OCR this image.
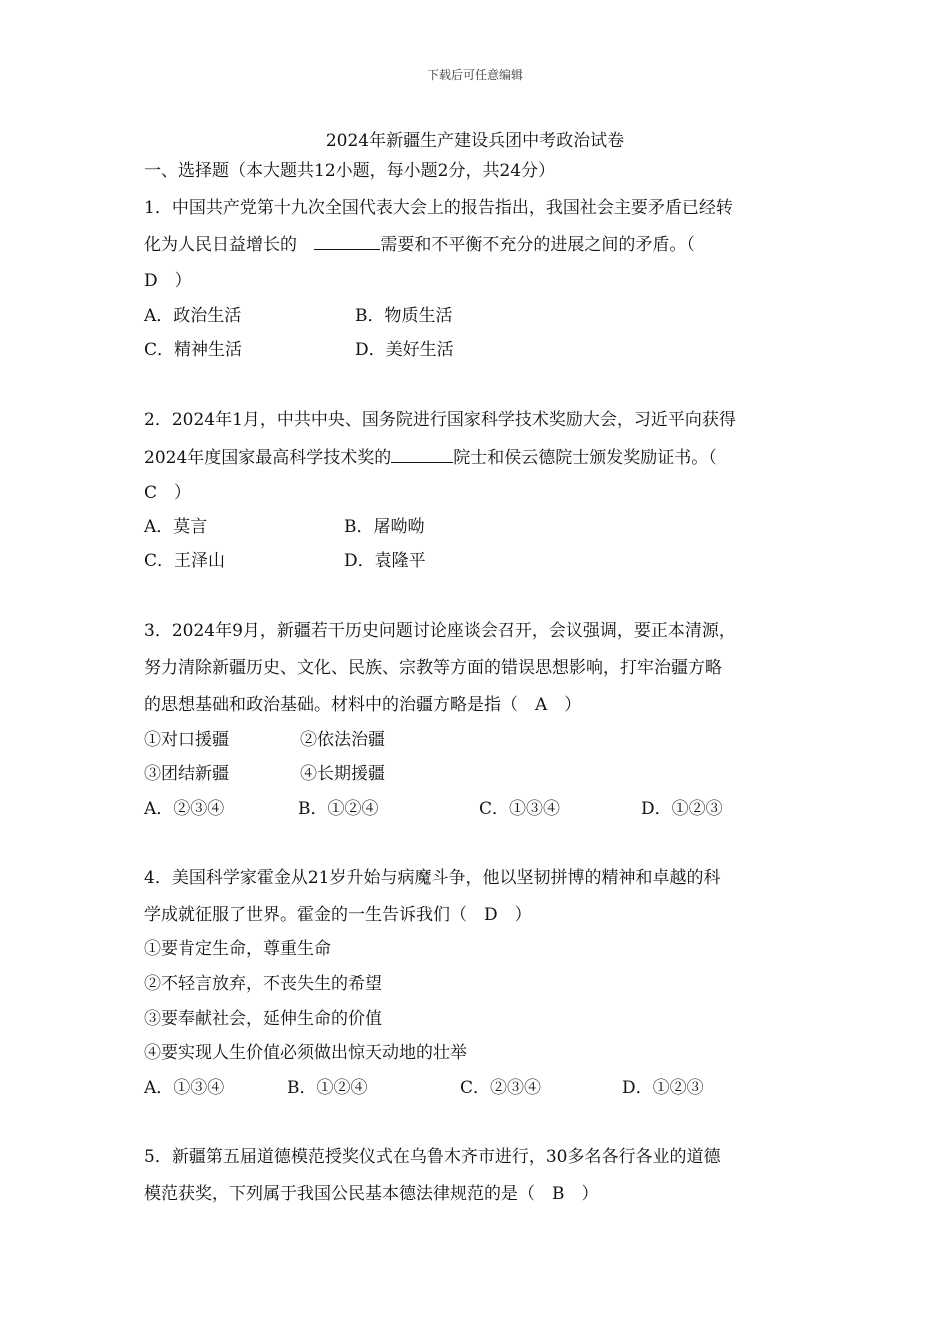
下载后可任意编辑
2024年新疆生产建设兵团中考政治试卷
一、选择题（本大题共12小题，每小题2分，共24分）
1．中国共产党第十九次全国代表大会上的报告指出，我国社会主要矛盾已经转
化为人民日益增长的	需要和不平衡不充分的进展之间的矛盾。（
D　）
A．政治生活	B．物质生活
C．精神生活	D．美好生活
2．2024年1月，中共中央、国务院进行国家科学技术奖励大会，习近平向获得
2024年度国家最高科学技术奖的	院士和侯云德院士颁发奖励证书。（
C　）
A．莫言	B．屠呦呦
C．王泽山	D．袁隆平
3．2024年9月，新疆若干历史问题讨论座谈会召开，会议强调，要正本清源，
努力清除新疆历史、文化、民族、宗教等方面的错误思想影响，打牢治疆方略
的思想基础和政治基础。材料中的治疆方略是指（　A　）
①对口援疆	②依法治疆
③团结新疆	④长期援疆
A．②③④	B．①②④	C．①③④	D．①②③
4．美国科学家霍金从21岁升始与病魔斗争，他以坚韧拼博的精神和卓越的科
学成就征服了世界。霍金的一生告诉我们（　D　）
①要肯定生命，尊重生命
②不轻言放弃，不丧失生的希望
③要奉献社会，延伸生命的价值
④要实现人生价值必须做出惊天动地的壮举
A．①③④	B．①②④	C．②③④	D．①②③
5．新疆第五届道德模范授奖仪式在乌鲁木齐市进行，30多名各行各业的道德
模范获奖，下列属于我国公民基本德法律规范的是（　B　）
